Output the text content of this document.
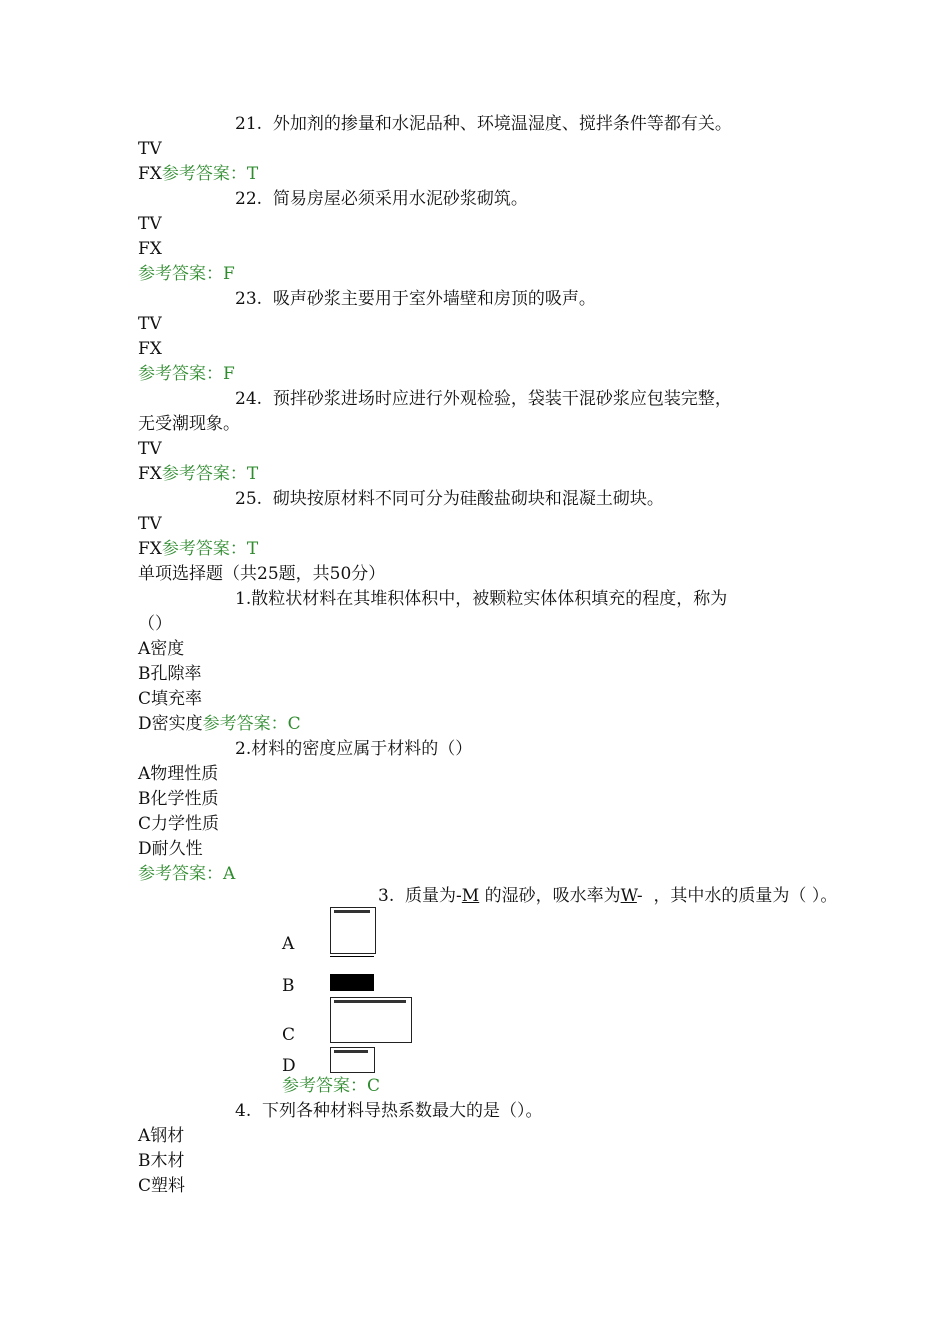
21. 外加剂的掺量和水泥品种、环境温湿度、搅拌条件等都有关。
TV
FX参考答案：T
22. 简易房屋必须采用水泥砂浆砌筑。
TV
FX
参考答案：F
23. 吸声砂浆主要用于室外墙壁和房顶的吸声。
TV
FX
参考答案：F
24. 预拌砂浆进场时应进行外观检验，袋装干混砂浆应包装完整，
无受潮现象。
TV
FX参考答案：T
25. 砌块按原材料不同可分为硅酸盐砌块和混凝土砌块。
TV
FX参考答案：T
单项选择题（共25题，共50分）
1.散粒状材料在其堆积体积中，被颗粒实体体积填充的程度，称为
（）
A密度
B孔隙率
C填充率
D密实度参考答案：C
2.材料的密度应属于材料的（）
A物理性质
B化学性质
C力学性质
D耐久性
参考答案：A
3. 质量为-M 的湿砂，吸水率为W- ，其中水的质量为（ ）。
A
B
C
D
参考答案：C
4. 下列各种材料导热系数最大的是（）。
A钢材
B木材
C塑料
